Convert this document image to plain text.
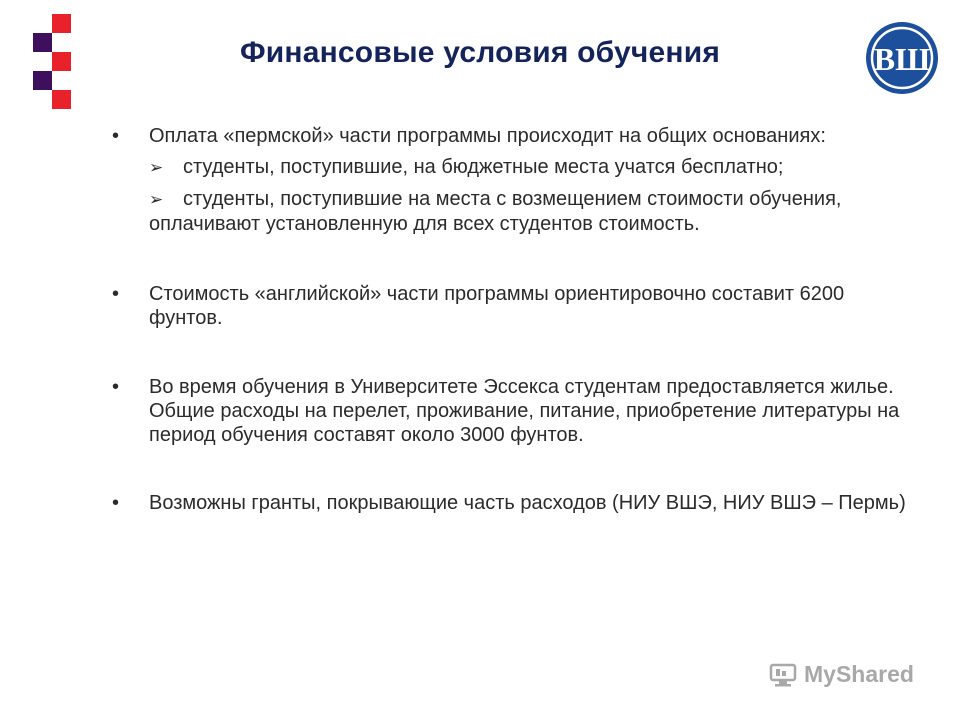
Финансовые условия обучения	ВШ
• Оплата «пермской» части программы происходит на общих основаниях:
➢ студенты, поступившие, на бюджетные места учатся бесплатно;
➢ студенты, поступившие на места с возмещением стоимости обучения, оплачивают установленную для всех студентов стоимость.
• Стоимость «английской» части программы ориентировочно составит 6200 фунтов.
• Во время обучения в Университете Эссекса студентам предоставляется жилье. Общие расходы на перелет, проживание, питание, приобретение литературы на период обучения составят около 3000 фунтов.
• Возможны гранты, покрывающие часть расходов (НИУ ВШЭ, НИУ ВШЭ – Пермь)
MyShared
